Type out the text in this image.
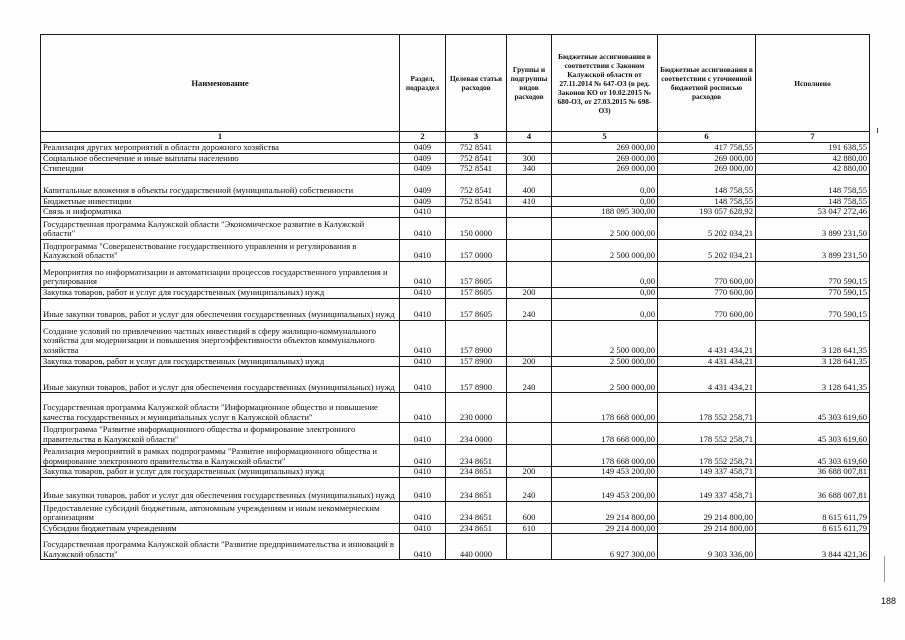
Наименование	Раздел, подраздел	Целевая статья расходов	Группы и подгруппы видов расходов	Бюджетные ассигнования в соответствии с Законом Калужской области от 27.11.2014 № 647-ОЗ (в ред. Законов КО от 10.02.2015 № 680-ОЗ, от 27.03.2015 № 698-ОЗ)	Бюджетные ассигнования в соответствии с уточненной бюджетной росписью расходов	Исполнено
1	2	3	4	5	6	7
Реализация других мероприятий в области дорожного хозяйства	0409	752 8541		269 000,00	417 758,55	191 638,55
Социальное обеспечение и иные выплаты населению	0409	752 8541	300	269 000,00	269 000,00	42 880,00
Стипендии	0409	752 8541	340	269 000,00	269 000,00	42 880,00
Капитальные вложения в объекты государственной (муниципальной) собственности	0409	752 8541	400	0,00	148 758,55	148 758,55
Бюджетные инвестиции	0409	752 8541	410	0,00	148 758,55	148 758,55
Связь и информатика	0410			188 095 300,00	193 057 628,92	53 047 272,46
Государственная программа Калужской области "Экономическое развитие в Калужской области"	0410	150 0000		2 500 000,00	5 202 034,21	3 899 231,50
Подпрограмма "Совершенствование государственного управления и регулирования в Калужской области"	0410	157 0000		2 500 000,00	5 202 034,21	3 899 231,50
Мероприятия по информатизации и автоматизации процессов государственного управления и регулирования	0410	157 8605		0,00	770 600,00	770 590,15
Закупка товаров, работ и услуг для государственных (муниципальных) нужд	0410	157 8605	200	0,00	770 600,00	770 590,15
Иные закупки товаров, работ и услуг для обеспечения государственных (муниципальных) нужд	0410	157 8605	240	0,00	770 600,00	770 590,15
Создание условий по привлечению частных инвестиций в сферу жилищно-коммунального хозяйства для модернизации и повышения энергоэффективности объектов коммунального хозяйства	0410	157 8900		2 500 000,00	4 431 434,21	3 128 641,35
Закупка товаров, работ и услуг для государственных (муниципальных) нужд	0410	157 8900	200	2 500 000,00	4 431 434,21	3 128 641,35
Иные закупки товаров, работ и услуг для обеспечения государственных (муниципальных) нужд	0410	157 8900	240	2 500 000,00	4 431 434,21	3 128 641,35
Государственная программа Калужской области "Информационное общество и повышение качества государственных и муниципальных услуг в Калужской области"	0410	230 0000		178 668 000,00	178 552 258,71	45 303 619,60
Подпрограмма "Развитие информационного общества и формирование электронного правительства в Калужской области"	0410	234 0000		178 668 000,00	178 552 258,71	45 303 619,60
Реализация мероприятий в рамках подпрограммы "Развитие информационного общества и формирование электронного правительства в Калужской области"	0410	234 8651		178 668 000,00	178 552 258,71	45 303 619,60
Закупка товаров, работ и услуг для государственных (муниципальных) нужд	0410	234 8651	200	149 453 200,00	149 337 458,71	36 688 007,81
Иные закупки товаров, работ и услуг для обеспечения государственных (муниципальных) нужд	0410	234 8651	240	149 453 200,00	149 337 458,71	36 688 007,81
Предоставление субсидий бюджетным, автономным учреждениям и иным некоммерческим организациям	0410	234 8651	600	29 214 800,00	29 214 800,00	8 615 611,79
Субсидии бюджетным учреждениям	0410	234 8651	610	29 214 800,00	29 214 800,00	8 615 611,79
Государственная программа Калужской области "Развитие предпринимательства и инноваций в Калужской области"	0410	440 0000		6 927 300,00	9 303 336,00	3 844 421,36
188
